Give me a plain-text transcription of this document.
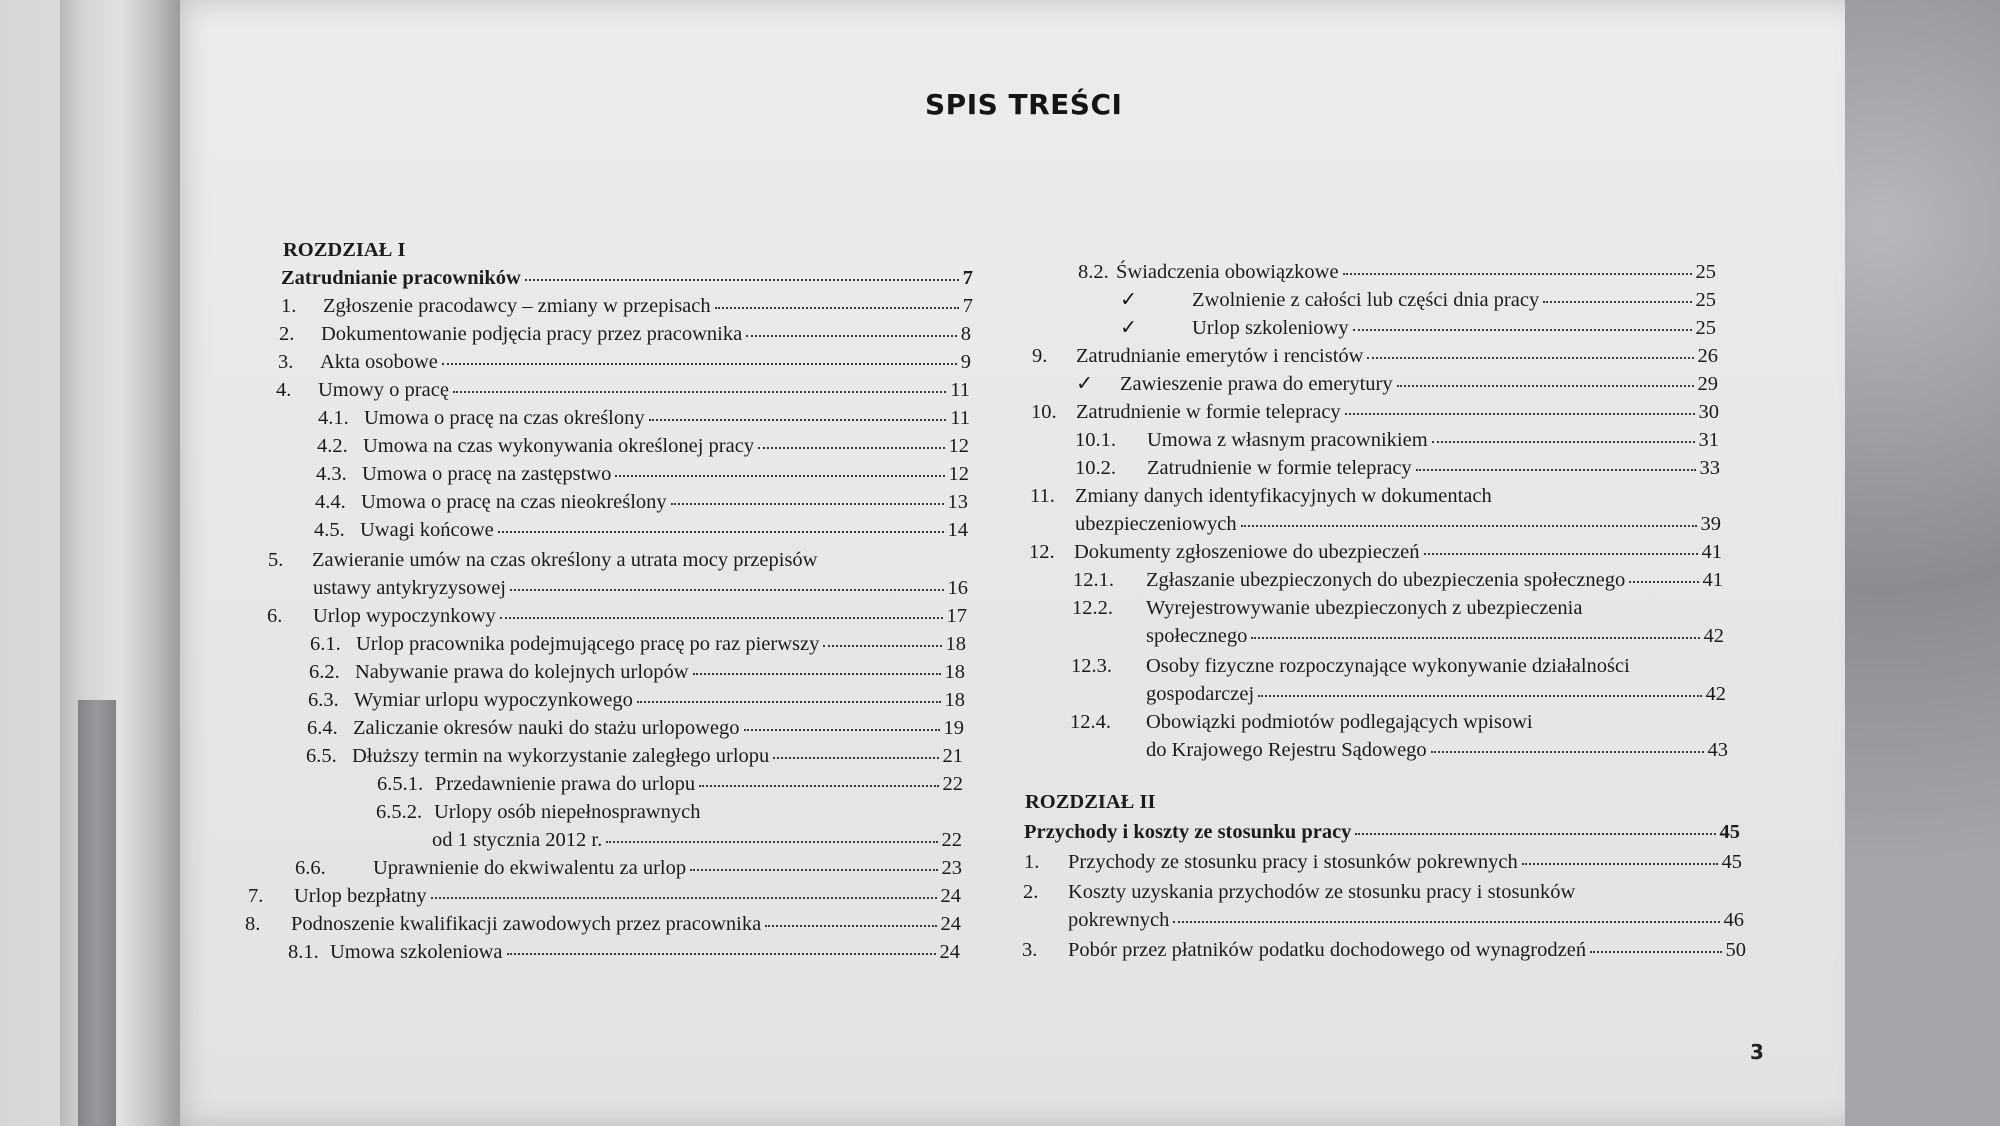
SPIS TREŚCI
ROZDZIAŁ I
Zatrudnianie pracowników	7
1.	Zgłoszenie pracodawcy – zmiany w przepisach	7
2.	Dokumentowanie podjęcia pracy przez pracownika	8
3.	Akta osobowe	9
4.	Umowy o pracę	11
4.1. Umowa o pracę na czas określony	11
4.2. Umowa na czas wykonywania określonej pracy	12
4.3. Umowa o pracę na zastępstwo	12
4.4. Umowa o pracę na czas nieokreślony	13
4.5. Uwagi końcowe	14
5. Zawieranie umów na czas określony a utrata mocy przepisów
ustawy antykryzysowej	16
6.	Urlop wypoczynkowy	17
6.1. Urlop pracownika podejmującego pracę po raz pierwszy	18
6.2. Nabywanie prawa do kolejnych urlopów	18
6.3. Wymiar urlopu wypoczynkowego	18
6.4. Zaliczanie okresów nauki do stażu urlopowego	19
6.5. Dłuższy termin na wykorzystanie zaległego urlopu	21
6.5.1. Przedawnienie prawa do urlopu	22
6.5.2. Urlopy osób niepełnosprawnych
od 1 stycznia 2012 r.	22
6.6.	Uprawnienie do ekwiwalentu za urlop	23
7.	Urlop bezpłatny	24
8.	Podnoszenie kwalifikacji zawodowych przez pracownika	24
8.1. Umowa szkoleniowa	24
8.2. Świadczenia obowiązkowe	25
✓	Zwolnienie z całości lub części dnia pracy	25
✓	Urlop szkoleniowy	25
9.	Zatrudnianie emerytów i rencistów	26
✓	Zawieszenie prawa do emerytury	29
10. Zatrudnienie w formie telepracy	30
10.1.	Umowa z własnym pracownikiem	31
10.2.	Zatrudnienie w formie telepracy	33
11. Zmiany danych identyfikacyjnych w dokumentach
ubezpieczeniowych	39
12. Dokumenty zgłoszeniowe do ubezpieczeń	41
12.1.	Zgłaszanie ubezpieczonych do ubezpieczenia społecznego	41
12.2. Wyrejestrowywanie ubezpieczonych z ubezpieczenia
społecznego	42
12.3. Osoby fizyczne rozpoczynające wykonywanie działalności
gospodarczej	42
12.4. Obowiązki podmiotów podlegających wpisowi
do Krajowego Rejestru Sądowego	43
ROZDZIAŁ II
Przychody i koszty ze stosunku pracy	45
1.	Przychody ze stosunku pracy i stosunków pokrewnych	45
2. Koszty uzyskania przychodów ze stosunku pracy i stosunków
pokrewnych	46
3.	Pobór przez płatników podatku dochodowego od wynagrodzeń	50
3
